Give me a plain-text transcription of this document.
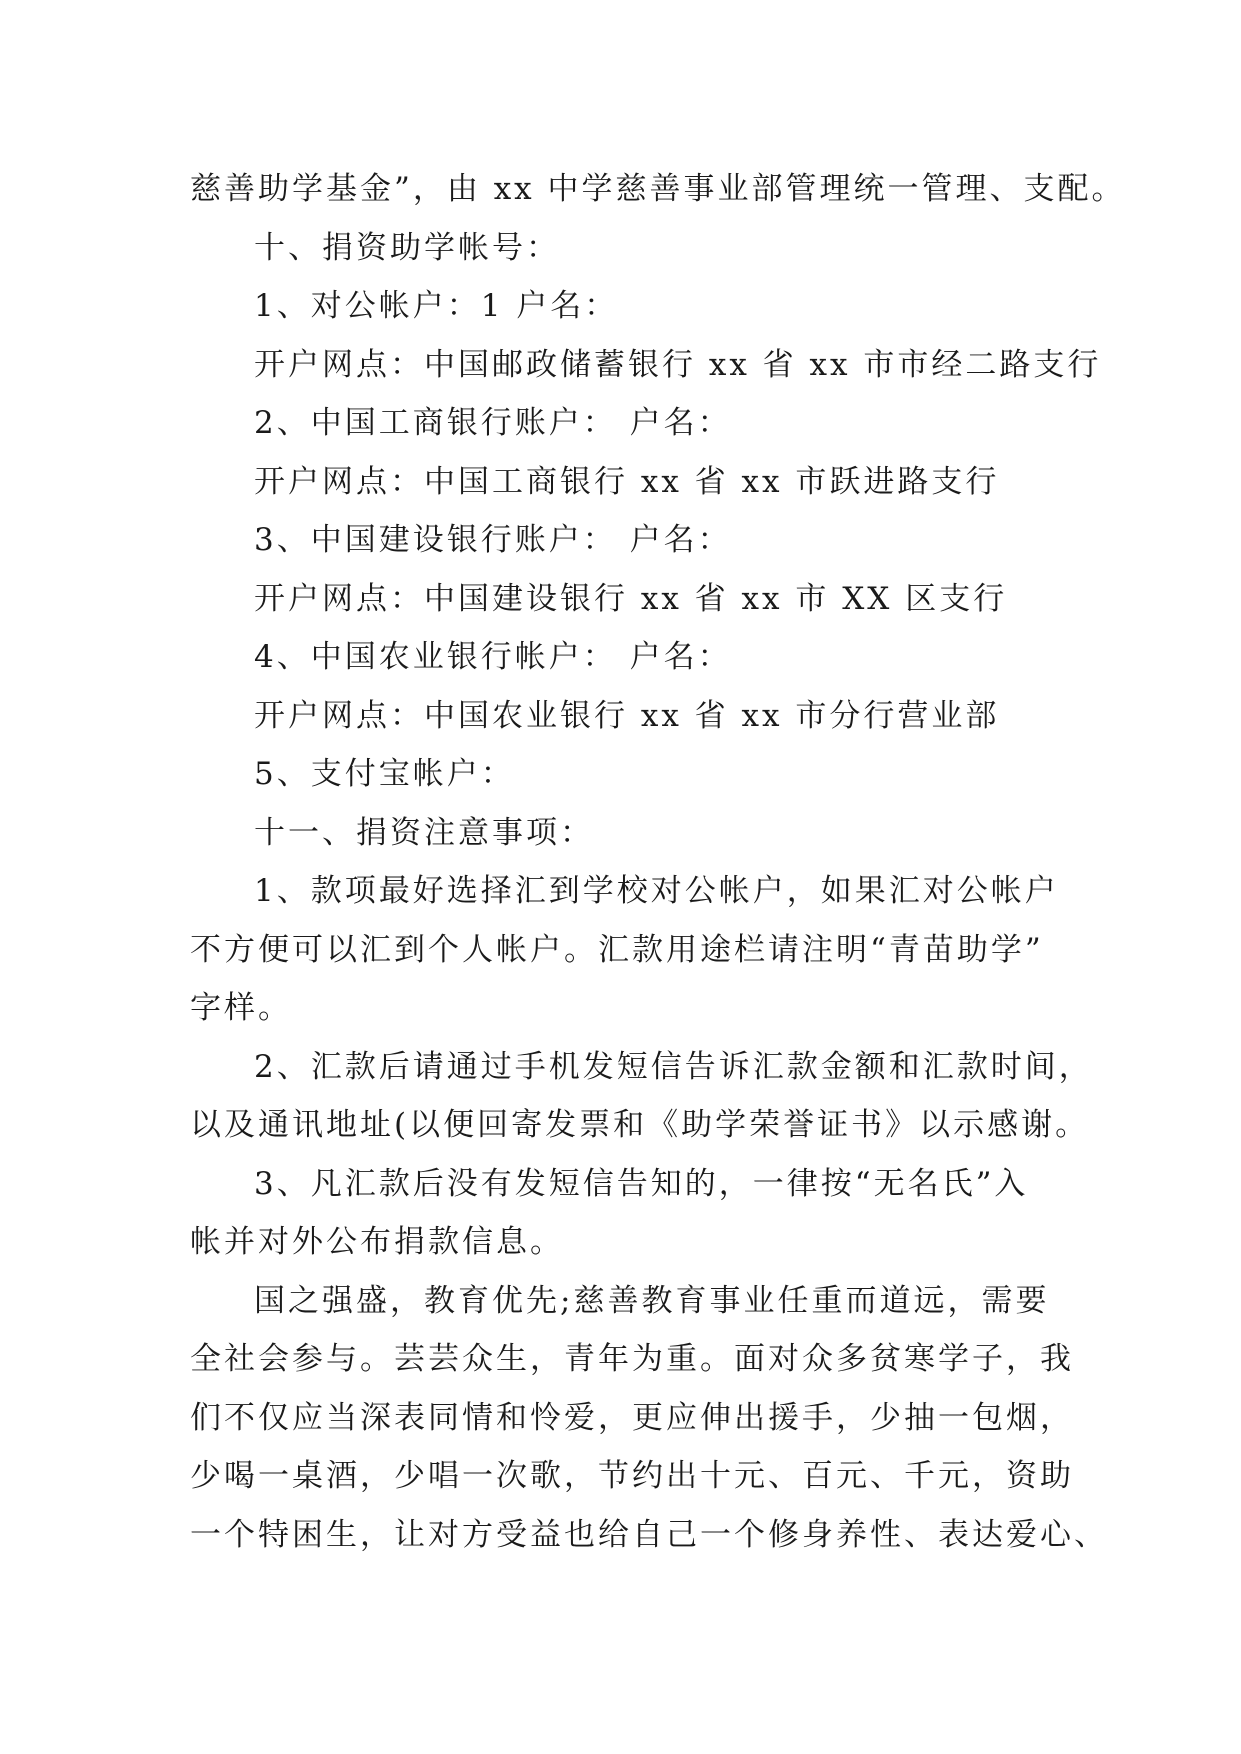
慈善助学基金”，由 xx 中学慈善事业部管理统一管理、支配。
十、捐资助学帐号：
1、对公帐户：1 户名：
开户网点：中国邮政储蓄银行 xx 省 xx 市市经二路支行
2、中国工商银行账户： 户名：
开户网点：中国工商银行 xx 省 xx 市跃进路支行
3、中国建设银行账户： 户名：
开户网点：中国建设银行 xx 省 xx 市 XX 区支行
4、中国农业银行帐户： 户名：
开户网点：中国农业银行 xx 省 xx 市分行营业部
5、支付宝帐户：
十一、捐资注意事项：
1、款项最好选择汇到学校对公帐户，如果汇对公帐户
不方便可以汇到个人帐户。汇款用途栏请注明“青苗助学”
字样。
2、汇款后请通过手机发短信告诉汇款金额和汇款时间，
以及通讯地址(以便回寄发票和《助学荣誉证书》以示感谢。
3、凡汇款后没有发短信告知的，一律按“无名氏”入
帐并对外公布捐款信息。
国之强盛，教育优先;慈善教育事业任重而道远，需要
全社会参与。芸芸众生，青年为重。面对众多贫寒学子，我
们不仅应当深表同情和怜爱，更应伸出援手，少抽一包烟，
少喝一桌酒，少唱一次歌，节约出十元、百元、千元，资助
一个特困生，让对方受益也给自己一个修身养性、表达爱心、
